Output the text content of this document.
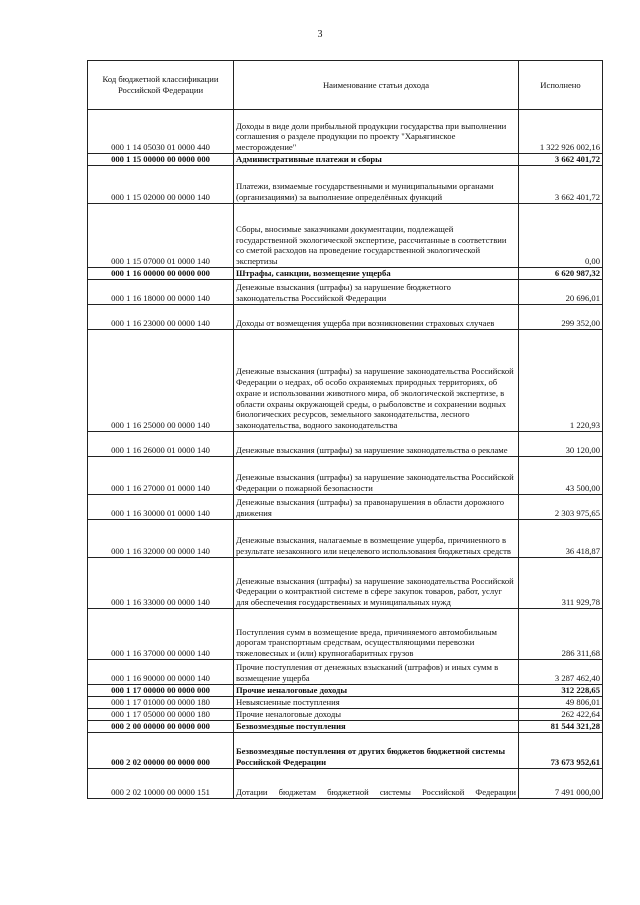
3
Код бюджетной классификации Российской Федерации	Наименование статьи дохода	Исполнено
000 1 14 05030 01 0000 440	Доходы в виде доли прибыльной продукции государства при выполнении соглашения о разделе продукции по проекту "Харьягинское месторождение"	1 322 926 002,16
000 1 15 00000 00 0000 000	Административные платежи и сборы	3 662 401,72
000 1 15 02000 00 0000 140	Платежи, взимаемые государственными и муниципальными органами (организациями) за выполнение определённых функций	3 662 401,72
000 1 15 07000 01 0000 140	Сборы, вносимые заказчиками документации, подлежащей государственной экологической экспертизе, рассчитанные в соответствии со сметой расходов на проведение государственной экологической экспертизы	0,00
000 1 16 00000 00 0000 000	Штрафы, санкции, возмещение ущерба	6 620 987,32
000 1 16 18000 00 0000 140	Денежные взыскания (штрафы) за нарушение бюджетного законодательства Российской Федерации	20 696,01
000 1 16 23000 00 0000 140	Доходы от возмещения ущерба при возникновении страховых случаев	299 352,00
000 1 16 25000 00 0000 140	Денежные взыскания (штрафы) за нарушение законодательства Российской Федерации о недрах, об особо охраняемых природных территориях, об охране и использовании животного мира, об экологической экспертизе, в области охраны окружающей среды, о рыболовстве и сохранении водных биологических ресурсов, земельного законодательства, лесного законодательства, водного законодательства	1 220,93
000 1 16 26000 01 0000 140	Денежные взыскания (штрафы) за нарушение законодательства о рекламе	30 120,00
000 1 16 27000 01 0000 140	Денежные взыскания (штрафы) за нарушение законодательства Российской Федерации о пожарной безопасности	43 500,00
000 1 16 30000 01 0000 140	Денежные взыскания (штрафы) за правонарушения в области дорожного движения	2 303 975,65
000 1 16 32000 00 0000 140	Денежные взыскания, налагаемые в возмещение ущерба, причиненного в результате незаконного или нецелевого использования бюджетных средств	36 418,87
000 1 16 33000 00 0000 140	Денежные взыскания (штрафы) за нарушение законодательства Российской Федерации о контрактной системе в сфере закупок товаров, работ, услуг для обеспечения государственных и муниципальных нужд	311 929,78
000 1 16 37000 00 0000 140	Поступления сумм в возмещение вреда, причиняемого автомобильным дорогам транспортным средствам, осуществляющими перевозки тяжеловесных и (или) крупногабаритных грузов	286 311,68
000 1 16 90000 00 0000 140	Прочие поступления от денежных взысканий (штрафов) и иных сумм в возмещение ущерба	3 287 462,40
000 1 17 00000 00 0000 000	Прочие неналоговые доходы	312 228,65
000 1 17 01000 00 0000 180	Невыясненные поступления	49 806,01
000 1 17 05000 00 0000 180	Прочие неналоговые доходы	262 422,64
000 2 00 00000 00 0000 000	Безвозмездные поступления	81 544 321,28
000 2 02 00000 00 0000 000	Безвозмездные поступления от других бюджетов бюджетной системы Российской Федерации	73 673 952,61
000 2 02 10000 00 0000 151	Дотации бюджетам бюджетной системы Российской Федерации	7 491 000,00
